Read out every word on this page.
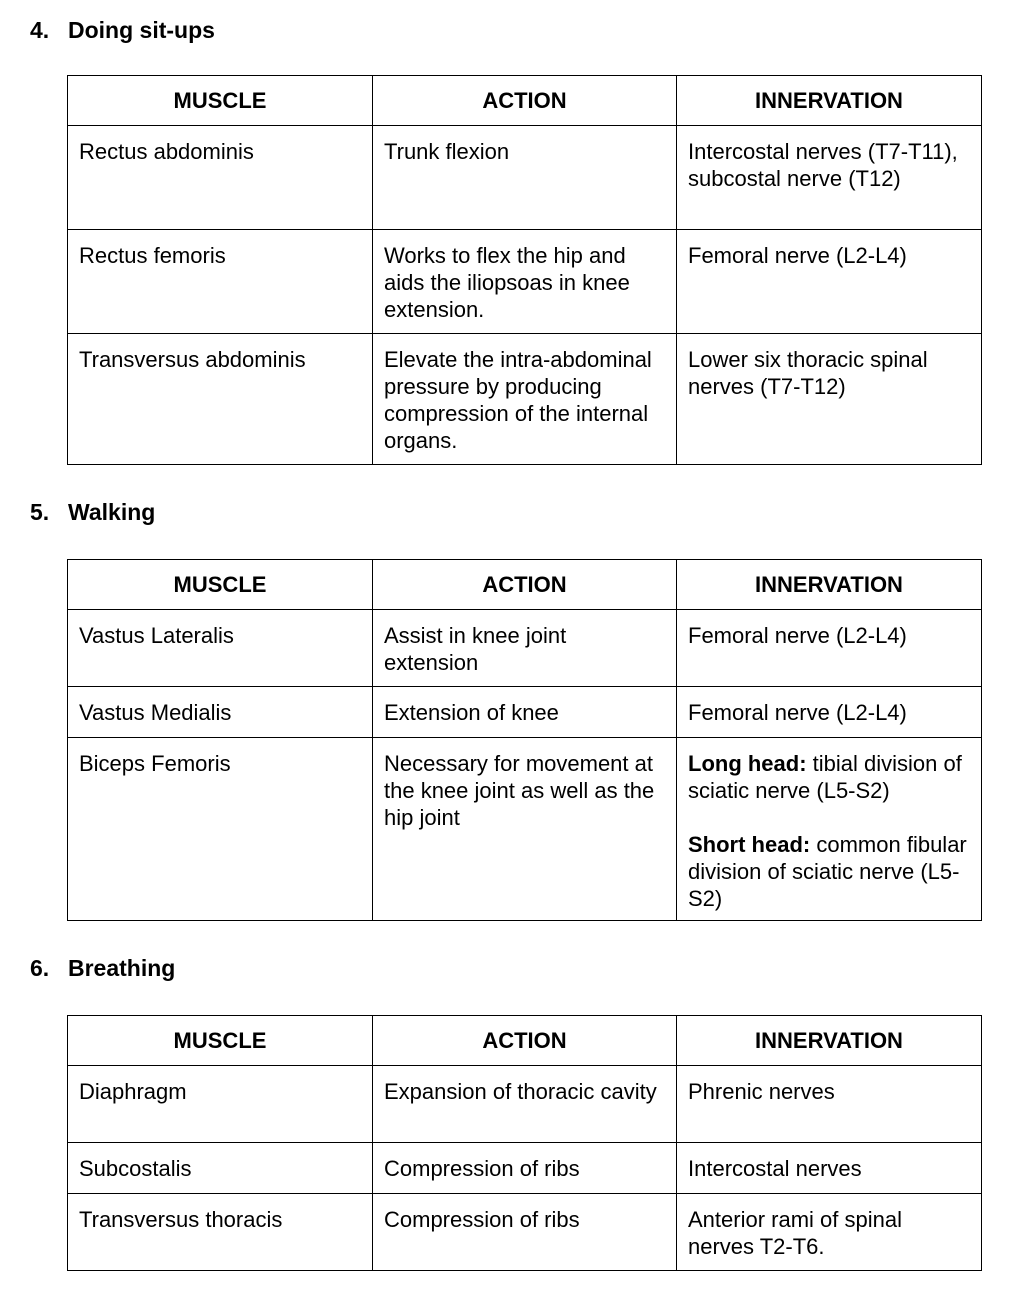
4. Doing sit-ups
MUSCLE	ACTION	INNERVATION
Rectus abdominis	Trunk flexion	Intercostal nerves (T7-T11), subcostal nerve (T12)
Rectus femoris	Works to flex the hip and aids the iliopsoas in knee extension.	Femoral nerve (L2-L4)
Transversus abdominis	Elevate the intra-abdominal pressure by producing compression of the internal organs.	Lower six thoracic spinal nerves (T7-T12)
5. Walking
MUSCLE	ACTION	INNERVATION
Vastus Lateralis	Assist in knee joint extension	Femoral nerve (L2-L4)
Vastus Medialis	Extension of knee	Femoral nerve (L2-L4)
Biceps Femoris	Necessary for movement at the knee joint as well as the hip joint	Long head: tibial division of sciatic nerve (L5-S2)
Short head: common fibular division of sciatic nerve (L5-S2)
6. Breathing
MUSCLE	ACTION	INNERVATION
Diaphragm	Expansion of thoracic cavity	Phrenic nerves
Subcostalis	Compression of ribs	Intercostal nerves
Transversus thoracis	Compression of ribs	Anterior rami of spinal nerves T2-T6.
